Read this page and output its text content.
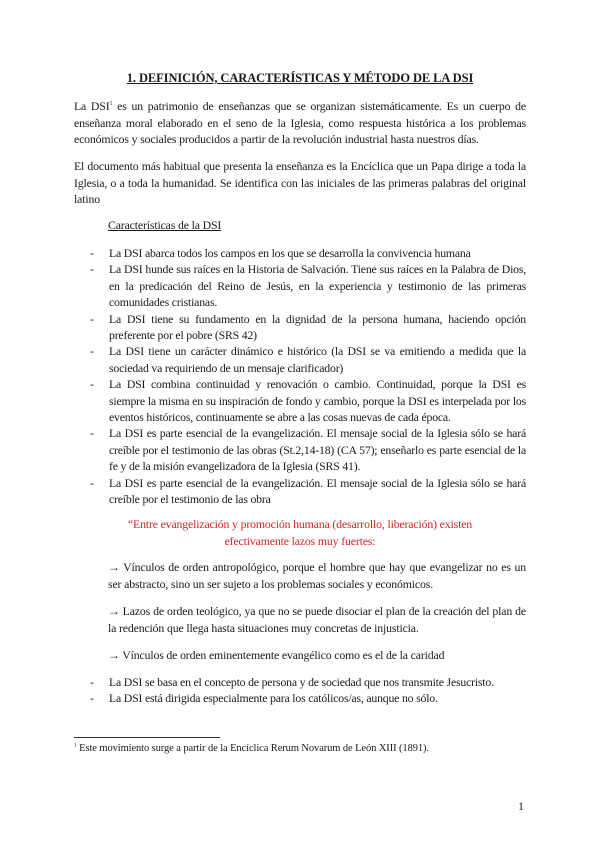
1. DEFINICIÓN, CARACTERÍSTICAS Y MÉTODO DE LA DSI

La DSI$^1$ es un patrimonio de enseñanzas que se organizan sistemáticamente. Es un cuerpo de enseñanza moral elaborado en el seno de la Iglesia, como respuesta histórica a los problemas económicos y sociales producidos a partir de la revolución industrial hasta nuestros días.

El documento más habitual que presenta la enseñanza es la Encíclica que un Papa dirige a toda la Iglesia, o a toda la humanidad. Se identifica con las iniciales de las primeras palabras del original latino

Características de la DSI
- La DSI abarca todos los campos en los que se desarrolla la convivencia humana
- La DSI hunde sus raíces en la Historia de Salvación. Tiene sus raíces en la Palabra de Dios, en la predicación del Reino de Jesús, en la experiencia y testimonio de las primeras comunidades cristianas.
- La DSI tiene su fundamento en la dignidad de la persona humana, haciendo opción preferente por el pobre (SRS 42)
- La DSI tiene un carácter dinámico e histórico (la DSI se va emitiendo a medida que la sociedad va requiriendo de un mensaje clarificador)
- La DSI combina continuidad y renovación o cambio. Continuidad, porque la DSI es siempre la misma en su inspiración de fondo y cambio, porque la DSI es interpelada por los eventos históricos, continuamente se abre a las cosas nuevas de cada época.
- La DSI es parte esencial de la evangelización. El mensaje social de la Iglesia sólo se hará creíble por el testimonio de las obras (St.2,14-18) (CA 57); enseñarlo es parte esencial de la fe y de la misión evangelizadora de la Iglesia (SRS 41).
- La DSI es parte esencial de la evangelización. El mensaje social de la Iglesia sólo se hará creíble por el testimonio de las obra
“Entre evangelización y promoción humana (desarrollo, liberación) existen
efectivamente lazos muy fuertes:
→ Vínculos de orden antropológico, porque el hombre que hay que evangelizar no es un ser abstracto, sino un ser sujeto a los problemas sociales y económicos.
→ Lazos de orden teológico, ya que no se puede disociar el plan de la creación del plan de la redención que llega hasta situaciones muy concretas de injusticia.
→ Vínculos de orden eminentemente evangélico como es el de la caridad
- La DSI se basa en el concepto de persona y de sociedad que nos transmite Jesucristo.
- La DSI está dirigida especialmente para los católicos/as, aunque no sólo.
$^1$ Este movimiento surge a partir de la Encíclica Rerum Novarum de León XIII (1891).
1
